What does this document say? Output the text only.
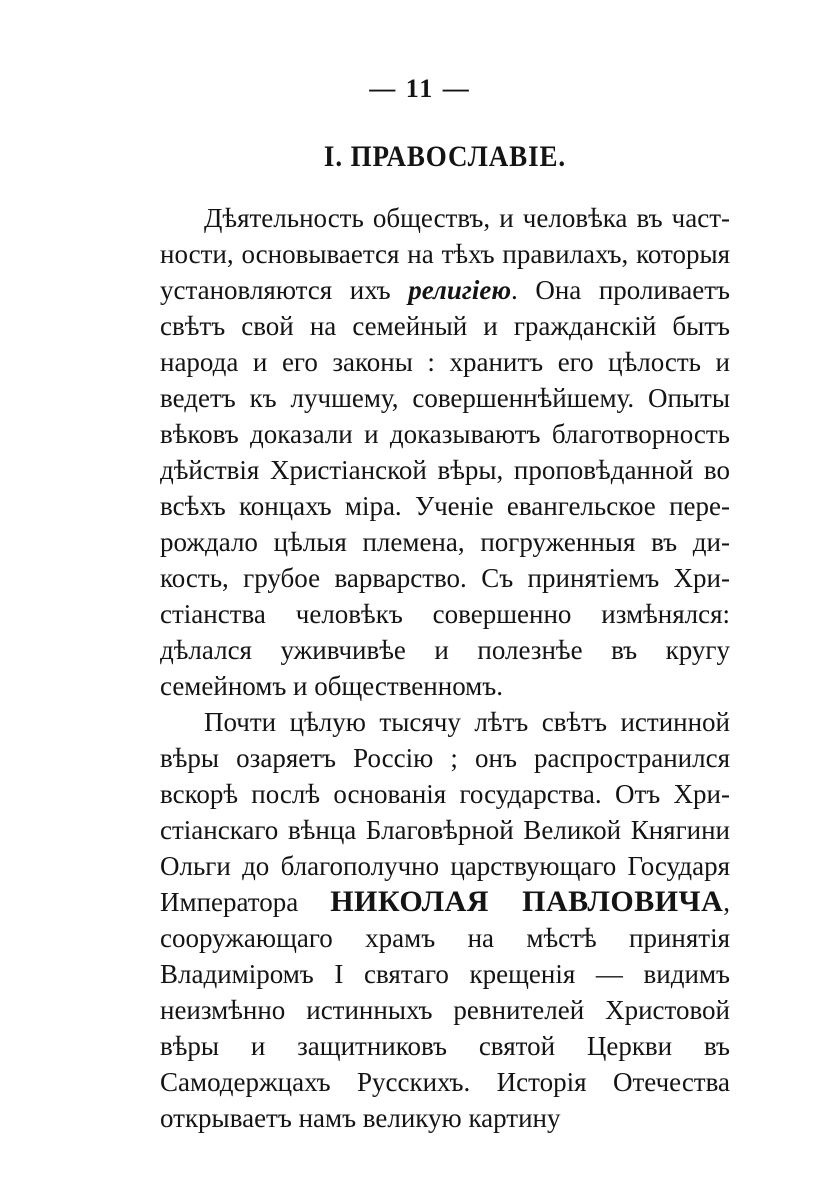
— 11 —

I. ПРАВОСЛАВIЕ.

Дѣятельность обществъ, и человѣка въ частности, основывается на тѣхъ правилахъ, которыя установляются ихъ религiею. Она проливаетъ свѣтъ свой на семейный и гражданскiй бытъ народа и его законы : хранитъ его цѣлость и ведетъ къ лучшему, совершеннѣйшему. Опыты вѣковъ доказали и доказываютъ благотворность дѣйствiя Христiанской вѣры, проповѣданной во всѣхъ концахъ мiра. Ученiе евангельское перерождало цѣлыя племена, погруженныя въ дикость, грубое варварство. Съ принятiемъ Христiанства человѣкъ совершенно измѣнялся: дѣлался уживчивѣе и полезнѣе въ кругу семейномъ и общественномъ.

Почти цѣлую тысячу лѣтъ свѣтъ истинной вѣры озаряетъ Россiю ; онъ распространился вскорѣ послѣ основанiя государства. Отъ Христiанскаго вѣнца Благовѣрной Великой Княгини Ольги до благополучно царствующаго Государя Императора НИКОЛАЯ ПАВЛОВИЧА, сооружающаго храмъ на мѣстѣ принятiя Владимiромъ I святаго крещенiя — видимъ неизмѣнно истинныхъ ревнителей Христовой вѣры и защитниковъ святой Церкви въ Самодержцахъ Русскихъ. Исторiя Отечества открываетъ намъ великую картину
